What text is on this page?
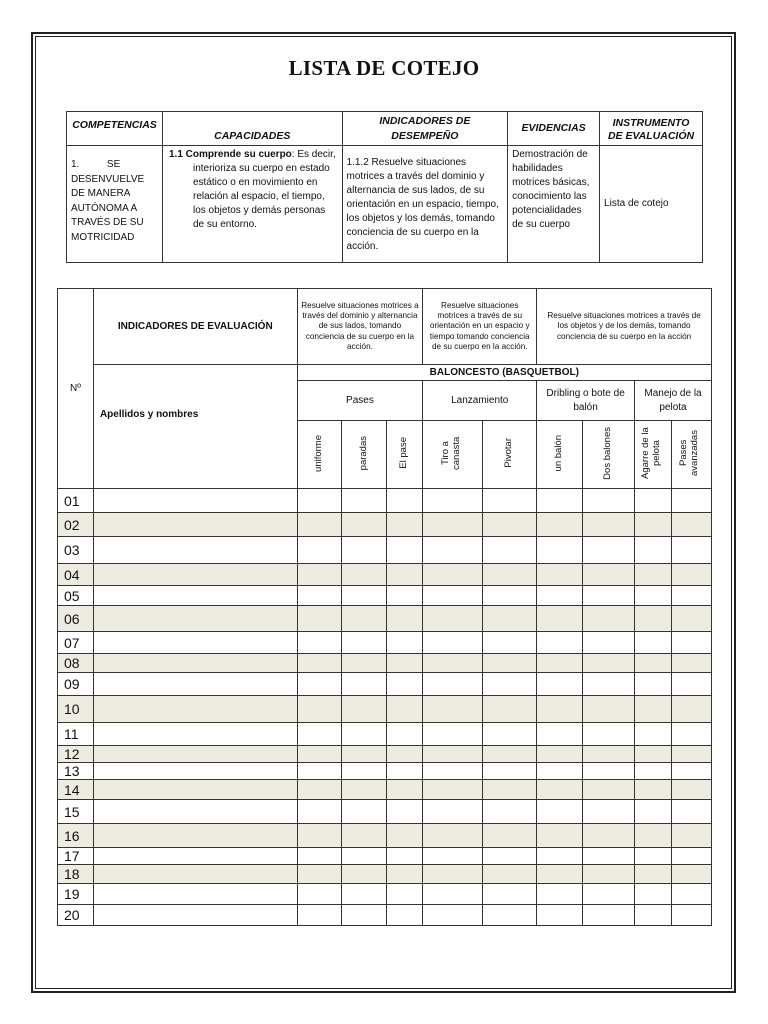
LISTA DE COTEJO
COMPETENCIAS	CAPACIDADES	INDICADORES DE DESEMPEÑO	EVIDENCIAS	INSTRUMENTO
DE EVALUACIÓN
1. SE
DESENVUELVE DE MANERA AUTÓNOMA A TRAVÉS DE SU MOTRICIDAD	1.1 Comprende su cuerpo: Es decir,
interioriza su cuerpo en estado estático o en movimiento en relación al espacio, el tiempo, los objetos y demás personas de su entorno.	1.1.2 Resuelve situaciones motrices a través del dominio y alternancia de sus lados, de su orientación en un espacio, tiempo, los objetos y los demás, tomando conciencia de su cuerpo en la acción.	Demostración de habilidades motrices básicas, conocimiento las potencialidades de su cuerpo	Lista de cotejo
Nº	INDICADORES DE EVALUACIÓN	Resuelve situaciones motrices a través del dominio y alternancia de sus lados, tomando conciencia de su cuerpo en la acción.			Resuelve situaciones motrices a través de su orientación en un espacio y tiempo tomando conciencia de su cuerpo en la acción.		Resuelve situaciones motrices a través de los objetos y de los demás, tomando conciencia de su cuerpo en la acción			
	Apellidos y nombres	BALONCESTO (BASQUETBOL)								
		Pases			Lanzamiento		Dribling o bote de balón		Manejo de la pelota	
		uniforme	paradas	El pase	Tiro a canasta	Pivotar	un balón	Dos balones	Agarre de la pelota	Pases avanzadas
01										
02										
03										
04										
05										
06										
07										
08										
09										
10										
11										
12										
13										
14										
15										
16										
17										
18										
19										
20										
